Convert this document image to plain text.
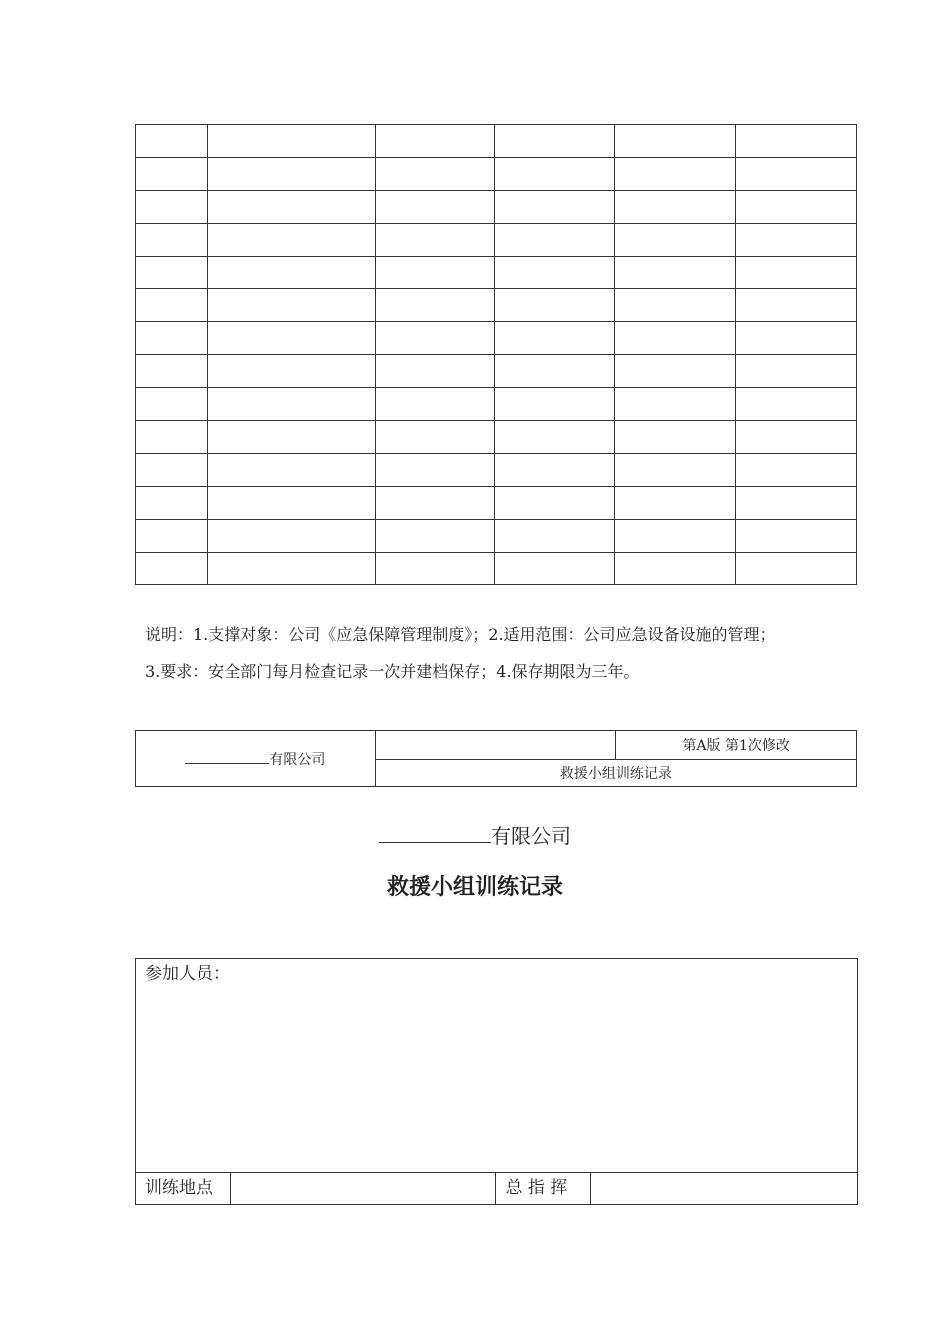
说明：1.支撑对象：公司《应急保障管理制度》；2.适用范围：公司应急设备设施的管理；
3.要求：安全部门每月检查记录一次并建档保存；4.保存期限为三年。
有限公司		第A版 第1次修改
救援小组训练记录
有限公司
救援小组训练记录
参加人员：
训练地点		总 指 挥	
